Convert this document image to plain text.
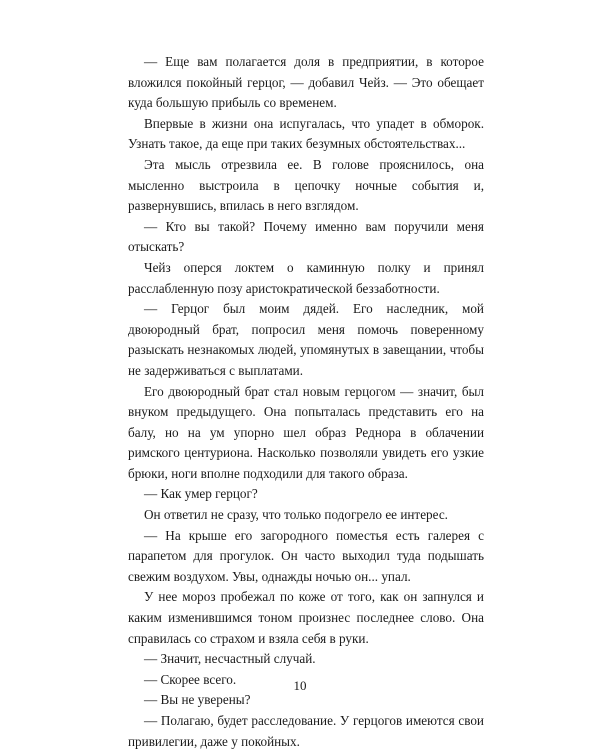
— Еще вам полагается доля в предприятии, в которое вложился покойный герцог, — добавил Чейз. — Это обещает куда большую прибыль со временем.

Впервые в жизни она испугалась, что упадет в обморок. Узнать такое, да еще при таких безумных обстоятельствах...

Эта мысль отрезвила ее. В голове прояснилось, она мысленно выстроила в цепочку ночные события и, развернувшись, впилась в него взглядом.

— Кто вы такой? Почему именно вам поручили меня отыскать?

Чейз оперся локтем о каминную полку и принял расслабленную позу аристократической беззаботности.

— Герцог был моим дядей. Его наследник, мой двоюродный брат, попросил меня помочь повеpенному разыскать незнакомых людей, упомянутых в завещании, чтобы не задерживаться с выплатами.

Его двоюродный брат стал новым герцогом — значит, был внуком предыдущего. Она попыталась представить его на балу, но на ум упорно шел образ Реднора в облачении римского центуриона. Насколько позволяли увидеть его узкие брюки, ноги вполне подходили для такого образа.

— Как умер герцог?

Он ответил не сразу, что только подогрело ее интерес.

— На крыше его загородного поместья есть галерея с парапетом для прогулок. Он часто выходил туда подышать свежим воздухом. Увы, однажды ночью он... упал.

У нее мороз пробежал по коже от того, как он запнулся и каким изменившимся тоном произнес последнее слово. Она справилась со страхом и взяла себя в руки.

— Значит, несчастный случай.

— Скорее всего.

— Вы не уверены?

— Полагаю, будет расследование. У герцогов имеются свои привилегии, даже у покойных.

10
